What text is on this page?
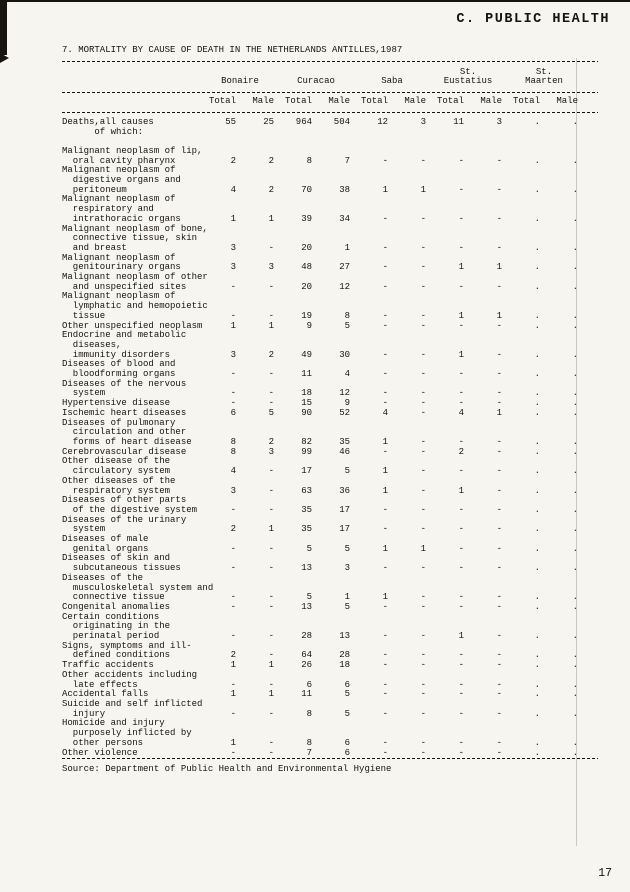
C. PUBLIC HEALTH
7. MORTALITY BY CAUSE OF DEATH IN THE NETHERLANDS ANTILLES,1987

Bonaire
	Curacao
	Saba
St.
Eustatius
St.
Maarten
Total	Male	Total	Male	Total	Male	Total	Male	Total	Male
Deaths,all causes
of which:
55	25	964	504	12	3	11	3	.	.
Malignant neoplasm of lip,
oral cavity pharynx	2	2	8	7	-	-	-	-	.	.
Malignant neoplasm of
digestive organs and
peritoneum	4	2	70	38	1	1	-	-	.	.
Malignant neoplasm of
respiratory and
intrathoracic organs	1	1	39	34	-	-	-	-	.	.
Malignant neoplasm of bone,
connective tissue, skin
and breast	3	-	20	1	-	-	-	-	.	.
Malignant neoplasm of
genitourinary organs	3	3	48	27	-	-	1	1	.	.
Malignant neoplasm of other
and unspecified sites	-	-	20	12	-	-	-	-	.	.
Malignant neoplasm of
lymphatic and hemopoietic
tissue	-	-	19	8	-	-	1	1	.	.
Other unspecified neoplasm	1	1	9	5	-	-	-	-	.	.
Endocrine and metabolic
diseases,
immunity disorders	3	2	49	30	-	-	1	-	.	.
Diseases of blood and
bloodforming organs	-	-	11	4	-	-	-	-	.	.
Diseases of the nervous
system	-	-	18	12	-	-	-	-	.	.
Hypertensive disease	-	-	15	9	-	-	-	-	.	.
Ischemic heart diseases	6	5	90	52	4	-	4	1	.	.
Diseases of pulmonary
circulation and other
forms of heart disease	8	2	82	35	1	-	-	-	.	.
Cerebrovascular disease	8	3	99	46	-	-	2	-	.	.
Other disease of the
circulatory system	4	-	17	5	1	-	-	-	.	.
Other diseases of the
respiratory system	3	-	63	36	1	-	1	-	.	.
Diseases of other parts
of the digestive system	-	-	35	17	-	-	-	-	.	.
Diseases of the urinary
system	2	1	35	17	-	-	-	-	.	.
Diseases of male
genital organs	-	-	5	5	1	1	-	-	.	.
Diseases of skin and
subcutaneous tissues	-	-	13	3	-	-	-	-	.	.
Diseases of the
musculoskeletal system and
connective tissue	-	-	5	1	1	-	-	-	.	.
Congenital anomalies	-	-	13	5	-	-	-	-	.	.
Certain conditions
originating in the
perinatal period	-	-	28	13	-	-	1	-	.	.
Signs, symptoms and ill-
defined conditions	2	-	64	28	-	-	-	-	.	.
Traffic accidents	1	1	26	18	-	-	-	-	.	.
Other accidents including
late effects	-	-	6	6	-	-	-	-	.	.
Accidental falls	1	1	11	5	-	-	-	-	.	.
Suicide and self inflicted
injury	-	-	8	5	-	-	-	-	.	.
Homicide and injury
purposely inflicted by
other persons	1	-	8	6	-	-	-	-	.	.
Other violence	-	-	7	6	-	-	-	-	.	.
Source: Department of Public Health and Environmental Hygiene
17
